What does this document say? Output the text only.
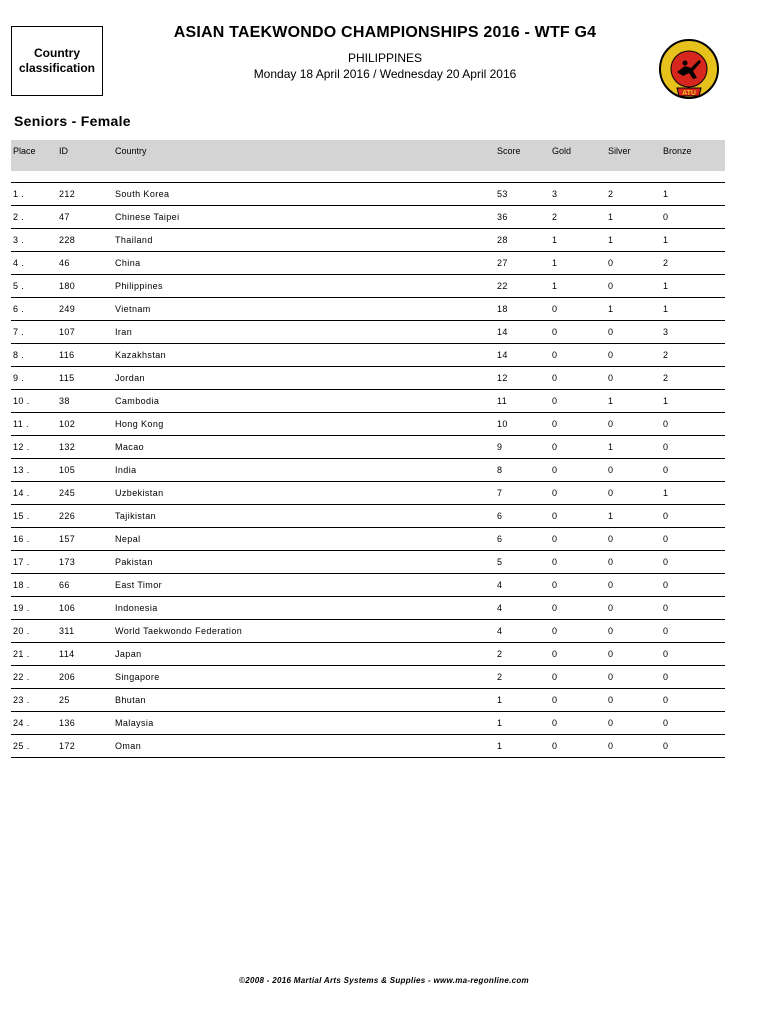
Country classification
ASIAN TAEKWONDO CHAMPIONSHIPS 2016 - WTF G4
PHILIPPINES
Monday 18 April 2016 / Wednesday 20 April 2016
ATU
Seniors - Female
Place	ID	Country	Score	Gold	Silver	Bronze
1 .	212	South Korea	53	3	2	1
2 .	47	Chinese Taipei	36	2	1	0
3 .	228	Thailand	28	1	1	1
4 .	46	China	27	1	0	2
5 .	180	Philippines	22	1	0	1
6 .	249	Vietnam	18	0	1	1
7 .	107	Iran	14	0	0	3
8 .	116	Kazakhstan	14	0	0	2
9 .	115	Jordan	12	0	0	2
10 .	38	Cambodia	11	0	1	1
11 .	102	Hong Kong	10	0	0	0
12 .	132	Macao	9	0	1	0
13 .	105	India	8	0	0	0
14 .	245	Uzbekistan	7	0	0	1
15 .	226	Tajikistan	6	0	1	0
16 .	157	Nepal	6	0	0	0
17 .	173	Pakistan	5	0	0	0
18 .	66	East Timor	4	0	0	0
19 .	106	Indonesia	4	0	0	0
20 .	311	World Taekwondo Federation	4	0	0	0
21 .	114	Japan	2	0	0	0
22 .	206	Singapore	2	0	0	0
23 .	25	Bhutan	1	0	0	0
24 .	136	Malaysia	1	0	0	0
25 .	172	Oman	1	0	0	0
©2008 - 2016 Martial Arts Systems & Supplies - www.ma-regonline.com
